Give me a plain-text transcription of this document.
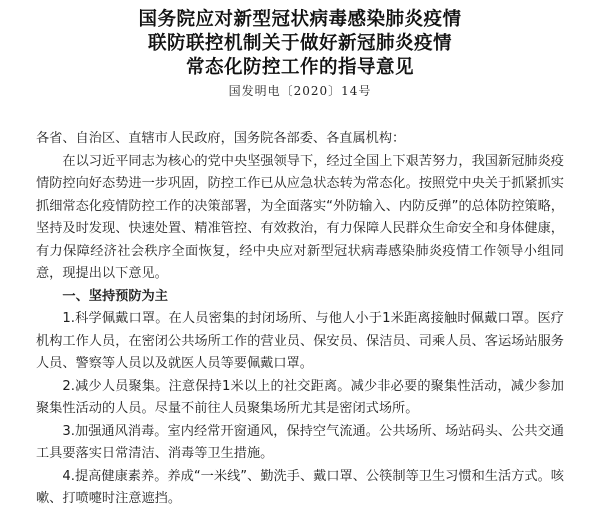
国务院应对新型冠状病毒感染肺炎疫情
联防联控机制关于做好新冠肺炎疫情
常态化防控工作的指导意见
国发明电〔2020〕14号
各省、自治区、直辖市人民政府，国务院各部委、各直属机构：
在以习近平同志为核心的党中央坚强领导下，经过全国上下艰苦努力，我国新冠肺炎疫情防控向好态势进一步巩固，防控工作已从应急状态转为常态化。按照党中央关于抓紧抓实抓细常态化疫情防控工作的决策部署，为全面落实“外防输入、内防反弹”的总体防控策略，坚持及时发现、快速处置、精准管控、有效救治，有力保障人民群众生命安全和身体健康，有力保障经济社会秩序全面恢复，经中央应对新型冠状病毒感染肺炎疫情工作领导小组同意，现提出以下意见。
一、坚持预防为主
1.科学佩戴口罩。在人员密集的封闭场所、与他人小于1米距离接触时佩戴口罩。医疗机构工作人员，在密闭公共场所工作的营业员、保安员、保洁员、司乘人员、客运场站服务人员、警察等人员以及就医人员等要佩戴口罩。
2.减少人员聚集。注意保持1米以上的社交距离。减少非必要的聚集性活动，减少参加聚集性活动的人员。尽量不前往人员聚集场所尤其是密闭式场所。
3.加强通风消毒。室内经常开窗通风，保持空气流通。公共场所、场站码头、公共交通工具要落实日常清洁、消毒等卫生措施。
4.提高健康素养。养成“一米线”、勤洗手、戴口罩、公筷制等卫生习惯和生活方式。咳嗽、打喷嚏时注意遮挡。
